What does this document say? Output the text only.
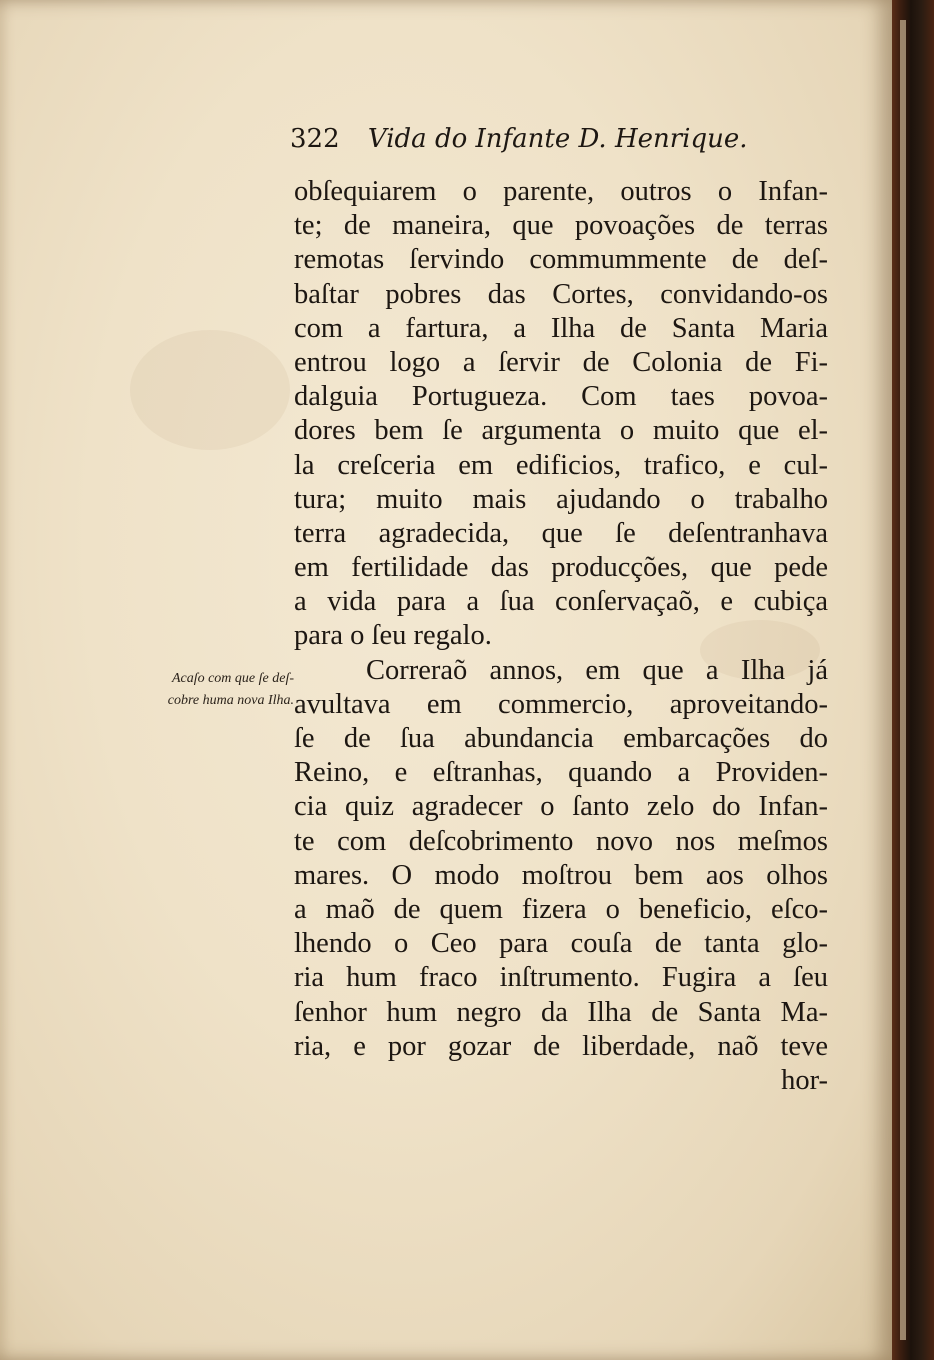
322 Vida do Infante D. Henrique.
Acaſo com que ſe deſ-
cobre huma nova Ilha.
obſequiarem o parente, outros o Infan-
te; de maneira, que povoações de terras
remotas ſervindo commummente de deſ-
baſtar pobres das Cortes, convidando-os
com a fartura, a Ilha de Santa Maria
entrou logo a ſervir de Colonia de Fi-
dalguia Portugueza. Com taes povoa-
dores bem ſe argumenta o muito que el-
la creſceria em edificios, trafico, e cul-
tura; muito mais ajudando o trabalho
terra agradecida, que ſe deſentranhava
em fertilidade das producções, que pede
a vida para a ſua conſervaçaõ, e cubiça
para o ſeu regalo.
Correraõ annos, em que a Ilha já
avultava em commercio, aproveitando-
ſe de ſua abundancia embarcações do
Reino, e eſtranhas, quando a Providen-
cia quiz agradecer o ſanto zelo do Infan-
te com deſcobrimento novo nos meſmos
mares. O modo moſtrou bem aos olhos
a maõ de quem fizera o beneficio, eſco-
lhendo o Ceo para couſa de tanta glo-
ria hum fraco inſtrumento. Fugira a ſeu
ſenhor hum negro da Ilha de Santa Ma-
ria, e por gozar de liberdade, naõ teve
hor-
